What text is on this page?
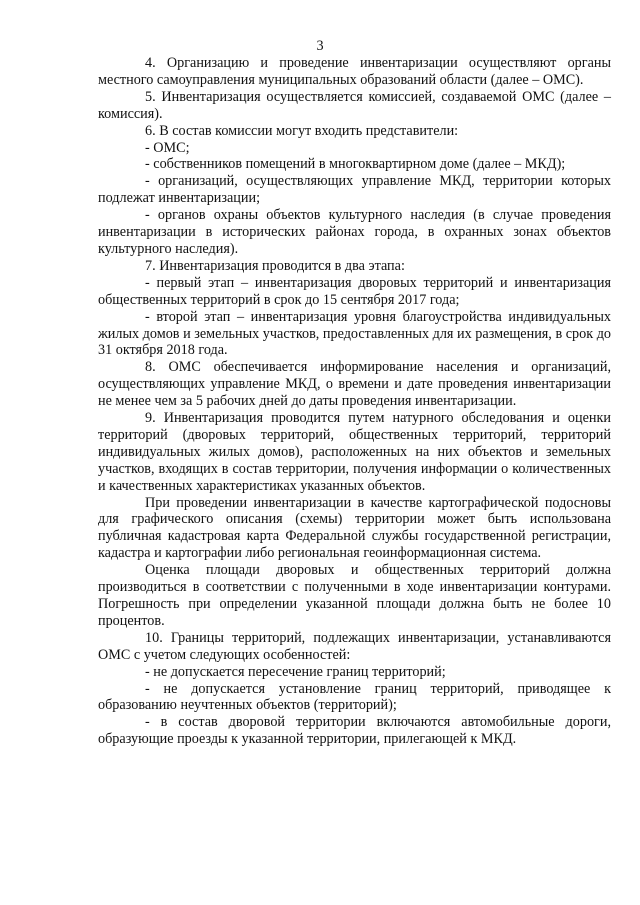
3

4. Организацию и проведение инвентаризации осуществляют органы местного самоуправления муниципальных образований области (далее – ОМС).

5. Инвентаризация осуществляется комиссией, создаваемой ОМС (далее – комиссия).

6. В состав комиссии могут входить представители:

- ОМС;

- собственников помещений в многоквартирном доме (далее – МКД);

- организаций, осуществляющих управление МКД, территории которых подлежат инвентаризации;

- органов охраны объектов культурного наследия (в случае проведения инвентаризации в исторических районах города, в охранных зонах объектов культурного наследия).

7. Инвентаризация проводится в два этапа:

- первый этап – инвентаризация дворовых территорий и инвентаризация общественных территорий в срок до 15 сентября 2017 года;

- второй этап – инвентаризация уровня благоустройства индивидуальных жилых домов и земельных участков, предоставленных для их размещения, в срок до 31 октября 2018 года.

8. ОМС обеспечивается информирование населения и организаций, осуществляющих управление МКД, о времени и дате проведения инвентаризации не менее чем за 5 рабочих дней до даты проведения инвентаризации.

9. Инвентаризация проводится путем натурного обследования и оценки территорий (дворовых территорий, общественных территорий, территорий индивидуальных жилых домов), расположенных на них объектов и земельных участков, входящих в состав территории, получения информации о количественных и качественных характеристиках указанных объектов.

При проведении инвентаризации в качестве картографической подосновы для графического описания (схемы) территории может быть использована публичная кадастровая карта Федеральной службы государственной регистрации, кадастра и картографии либо региональная геоинформационная система.

Оценка площади дворовых и общественных территорий должна производиться в соответствии с полученными в ходе инвентаризации контурами. Погрешность при определении указанной площади должна быть не более 10 процентов.

10. Границы территорий, подлежащих инвентаризации, устанавливаются ОМС с учетом следующих особенностей:

- не допускается пересечение границ территорий;

- не допускается установление границ территорий, приводящее к образованию неучтенных объектов (территорий);

- в состав дворовой территории включаются автомобильные дороги, образующие проезды к указанной территории, прилегающей к МКД.
